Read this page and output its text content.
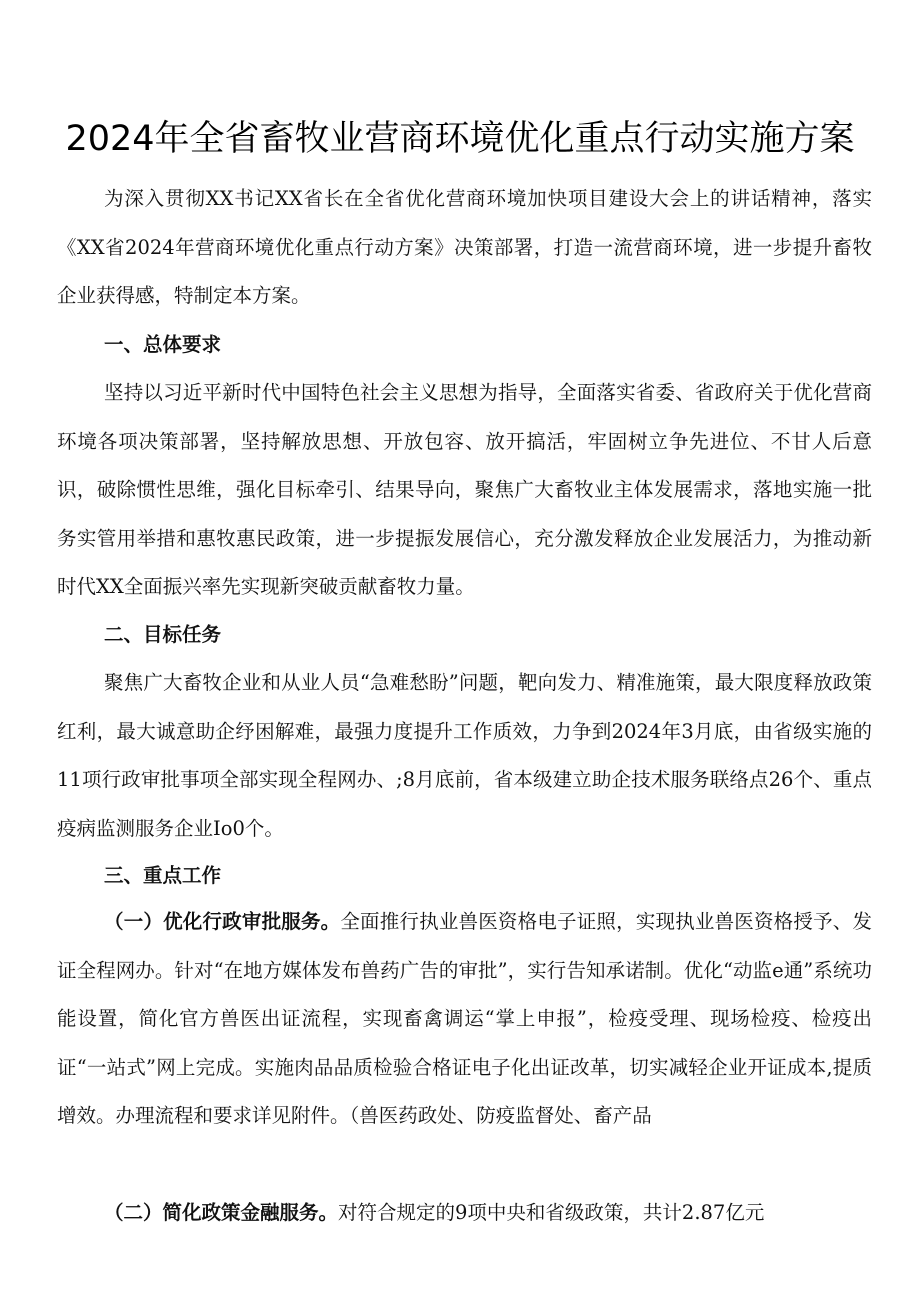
2024年全省畜牧业营商环境优化重点行动实施方案

为深入贯彻XX书记XX省长在全省优化营商环境加快项目建设大会上的讲话精神，落实《XX省2024年营商环境优化重点行动方案》决策部署，打造一流营商环境，进一步提升畜牧企业获得感，特制定本方案。

一、总体要求

坚持以习近平新时代中国特色社会主义思想为指导，全面落实省委、省政府关于优化营商环境各项决策部署，坚持解放思想、开放包容、放开搞活，牢固树立争先进位、不甘人后意识，破除惯性思维，强化目标牵引、结果导向，聚焦广大畜牧业主体发展需求，落地实施一批务实管用举措和惠牧惠民政策，进一步提振发展信心，充分激发释放企业发展活力，为推动新时代XX全面振兴率先实现新突破贡献畜牧力量。

二、目标任务

聚焦广大畜牧企业和从业人员“急难愁盼”问题，靶向发力、精准施策，最大限度释放政策红利，最大诚意助企纾困解难，最强力度提升工作质效，力争到2024年3月底，由省级实施的11项行政审批事项全部实现全程网办、;8月底前，省本级建立助企技术服务联络点26个、重点疫病监测服务企业Io0个。

三、重点工作

（一）优化行政审批服务。全面推行执业兽医资格电子证照，实现执业兽医资格授予、发证全程网办。针对“在地方媒体发布兽药广告的审批”，实行告知承诺制。优化“动监e通”系统功能设置，简化官方兽医出证流程，实现畜禽调运“掌上申报”，检疫受理、现场检疫、检疫出证“一站式”网上完成。实施肉品品质检验合格证电子化出证改革，切实减轻企业开证成本,提质增效。办理流程和要求详见附件。（兽医药政处、防疫监督处、畜产品

（二）简化政策金融服务。对符合规定的9项中央和省级政策，共计2.87亿元
